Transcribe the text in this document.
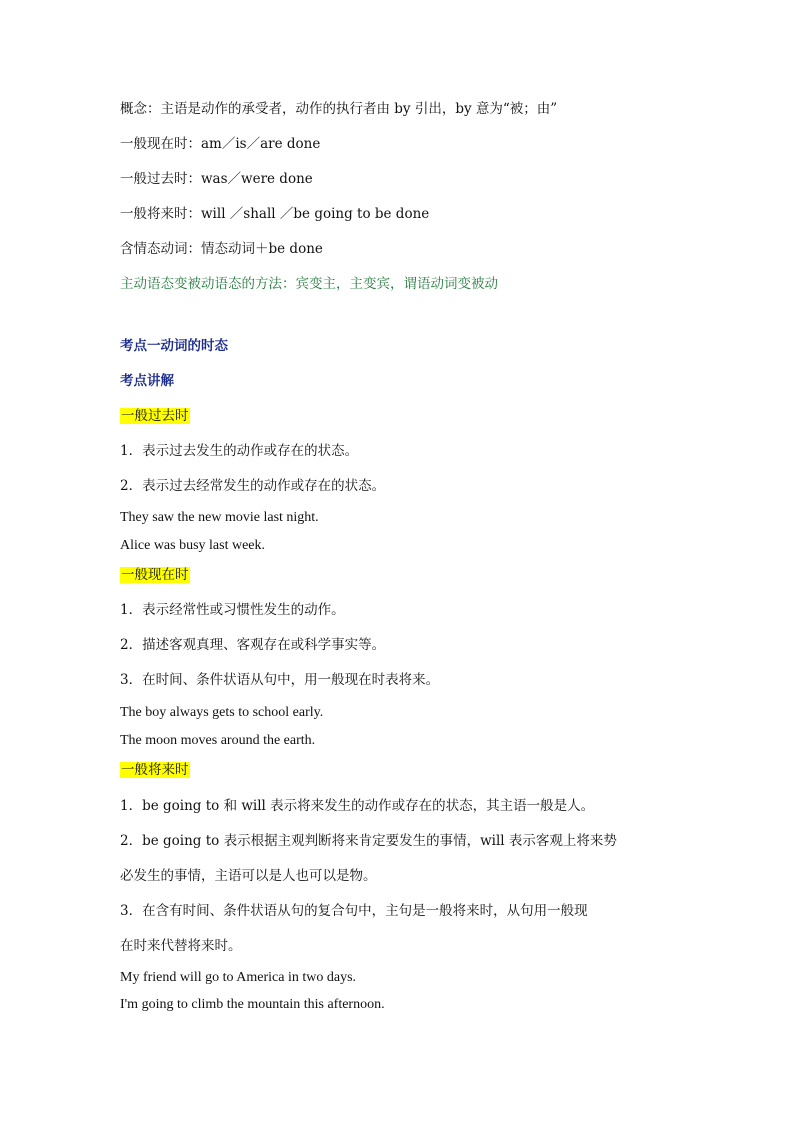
概念：主语是动作的承受者，动作的执行者由 by 引出，by 意为“被；由”
一般现在时：am／is／are done
一般过去时：was／were done
一般将来时：will ／shall ／be going to be done
含情态动词：情态动词＋be done
主动语态变被动语态的方法：宾变主，主变宾，谓语动词变被动
考点一动词的时态
考点讲解
一般过去时
1．表示过去发生的动作或存在的状态。
2．表示过去经常发生的动作或存在的状态。
They saw the new movie last night.
Alice was busy last week.
一般现在时
1．表示经常性或习惯性发生的动作。
2．描述客观真理、客观存在或科学事实等。
3．在时间、条件状语从句中，用一般现在时表将来。
The boy always gets to school early.
The moon moves around the earth.
一般将来时
1．be going to 和 will 表示将来发生的动作或存在的状态，其主语一般是人。
2．be going to 表示根据主观判断将来肯定要发生的事情，will 表示客观上将来势
必发生的事情，主语可以是人也可以是物。
3．在含有时间、条件状语从句的复合句中，主句是一般将来时，从句用一般现
在时来代替将来时。
My friend will go to America in two days.
I'm going to climb the mountain this afternoon.
